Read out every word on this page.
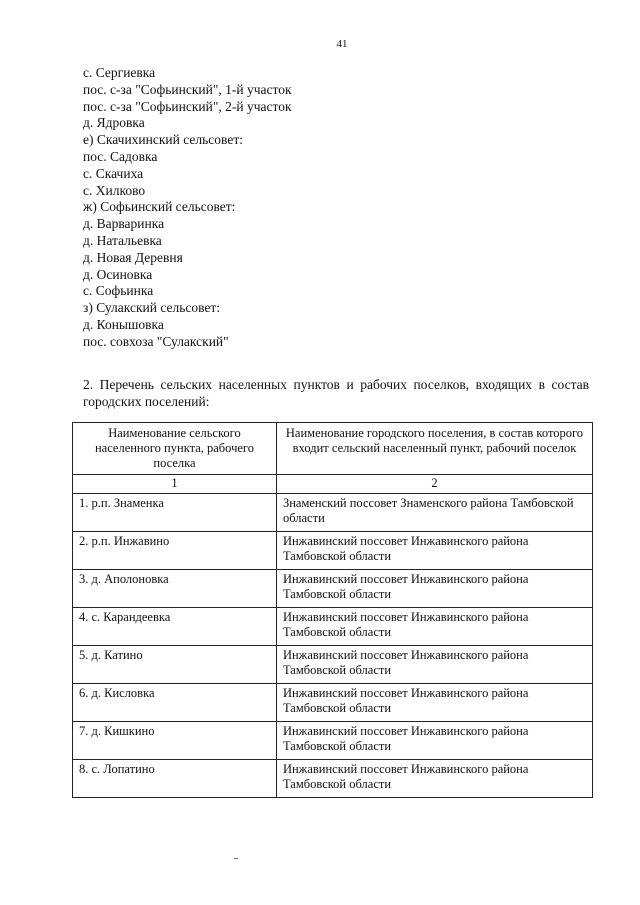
41
с. Сергиевка
пос. с-за "Софьинский", 1-й участок
пос. с-за "Софьинский", 2-й участок
д. Ядровка
е) Скачихинский сельсовет:
пос. Садовка
с. Скачиха
с. Хилково
ж) Софьинский сельсовет:
д. Варваринка
д. Натальевка
д. Новая Деревня
д. Осиновка
с. Софьинка
з) Сулакский сельсовет:
д. Конышовка
пос. совхоза "Сулакский"

2. Перечень сельских населенных пунктов и рабочих поселков, входящих в состав городских поселений:

Наименование сельского населенного пункта, рабочего поселка	Наименование городского поселения, в состав которого входит сельский населенный пункт, рабочий поселок
1	2
1. р.п. Знаменка	Знаменский поссовет Знаменского района Тамбовской области
2. р.п. Инжавино	Инжавинский поссовет Инжавинского района Тамбовской области
3. д. Аполоновка	Инжавинский поссовет Инжавинского района Тамбовской области
4. с. Карандеевка	Инжавинский поссовет Инжавинского района Тамбовской области
5. д. Катино	Инжавинский поссовет Инжавинского района Тамбовской области
6. д. Кисловка	Инжавинский поссовет Инжавинского района Тамбовской области
7. д. Кишкино	Инжавинский поссовет Инжавинского района Тамбовской области
8. с. Лопатино	Инжавинский поссовет Инжавинского района Тамбовской области
